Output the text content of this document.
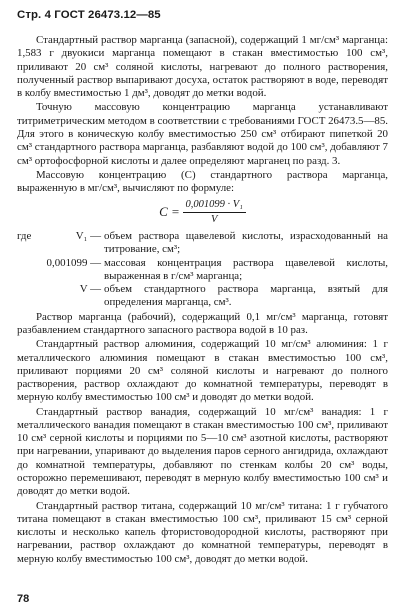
Стр. 4 ГОСТ 26473.12—85

Стандартный раствор марганца (запасной), содержащий 1 мг/см³ марганца: 1,583 г двуокиси марганца помещают в стакан вместимостью 100 см³, приливают 20 см³ соляной кислоты, нагревают до полного растворения, полученный раствор выпаривают досуха, остаток растворяют в воде, переводят в колбу вместимостью 1 дм³, доводят до метки водой.

Точную массовую концентрацию марганца устанавливают титриметрическим методом в соответствии с требованиями ГОСТ 26473.5—85. Для этого в коническую колбу вместимостью 250 см³ отбирают пипеткой 20 см³ стандартного раствора марганца, разбавляют водой до 100 см³, добавляют 7 см³ ортофосфорной кислоты и далее определяют марганец по разд. 3.

Массовую концентрацию (C) стандартного раствора марганца, выраженную в мг/см³, вычисляют по формуле:

$C = \frac{\text{0,001099 · V₁}}{V}$
где	V₁ —	объем раствора щавелевой кислоты, израсходованный на титрование, см³;
	0,001099 —	массовая концентрация раствора щавелевой кислоты, выраженная в г/см³ марганца;
	V —	объем стандартного раствора марганца, взятый для определения марганца, см³.

Раствор марганца (рабочий), содержащий 0,1 мг/см³ марганца, готовят разбавлением стандартного запасного раствора водой в 10 раз.

Стандартный раствор алюминия, содержащий 10 мг/см³ алюминия: 1 г металлического алюминия помещают в стакан вместимостью 100 см³, приливают порциями 20 см³ соляной кислоты и нагревают до полного растворения, раствор охлаждают до комнатной температуры, переводят в мерную колбу вместимостью 100 см³ и доводят до метки водой.

Стандартный раствор ванадия, содержащий 10 мг/см³ ванадия: 1 г металлического ванадия помещают в стакан вместимостью 100 см³, приливают 10 см³ серной кислоты и порциями по 5—10 см³ азотной кислоты, растворяют при нагревании, упаривают до выделения паров серного ангидрида, охлаждают до комнатной температуры, добавляют по стенкам колбы 20 см³ воды, осторожно перемешивают, переводят в мерную колбу вместимостью 100 см³ и доводят до метки водой.

Стандартный раствор титана, содержащий 10 мг/см³ титана: 1 г губчатого титана помещают в стакан вместимостью 100 см³, приливают 15 см³ серной кислоты и несколько капель фтористоводородной кислоты, растворяют при нагревании, раствор охлаждают до комнатной температуры, переводят в мерную колбу вместимостью 100 см³, доводят до метки водой.

78
